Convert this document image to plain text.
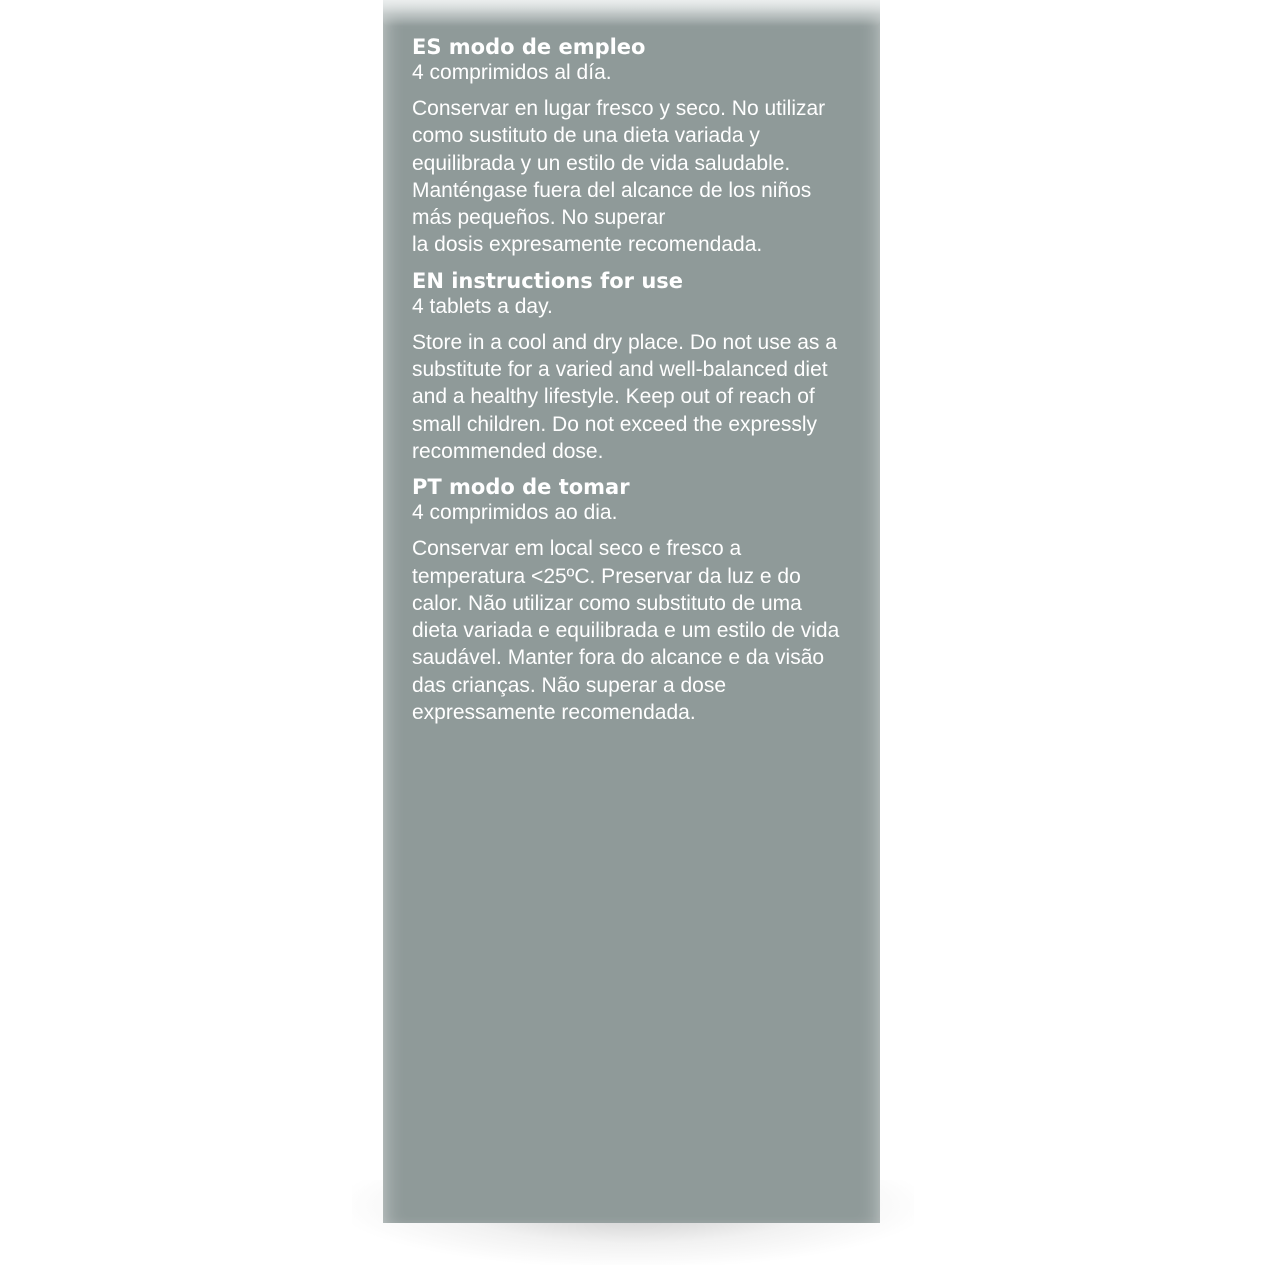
ES modo de empleo
4 comprimidos al día.
Conservar en lugar fresco y seco. No utilizar
como sustituto de una dieta variada y
equilibrada y un estilo de vida saludable.
Manténgase fuera del alcance de los niños
más pequeños. No superar
la dosis expresamente recomendada.
EN instructions for use
4 tablets a day.
Store in a cool and dry place. Do not use as a
substitute for a varied and well-balanced diet
and a healthy lifestyle. Keep out of reach of
small children. Do not exceed the expressly
recommended dose.
PT modo de tomar
4 comprimidos ao dia.
Conservar em local seco e fresco a
temperatura <25ºC. Preservar da luz e do
calor. Não utilizar como substituto de uma
dieta variada e equilibrada e um estilo de vida
saudável. Manter fora do alcance e da visão
das crianças. Não superar a dose
expressamente recomendada.
